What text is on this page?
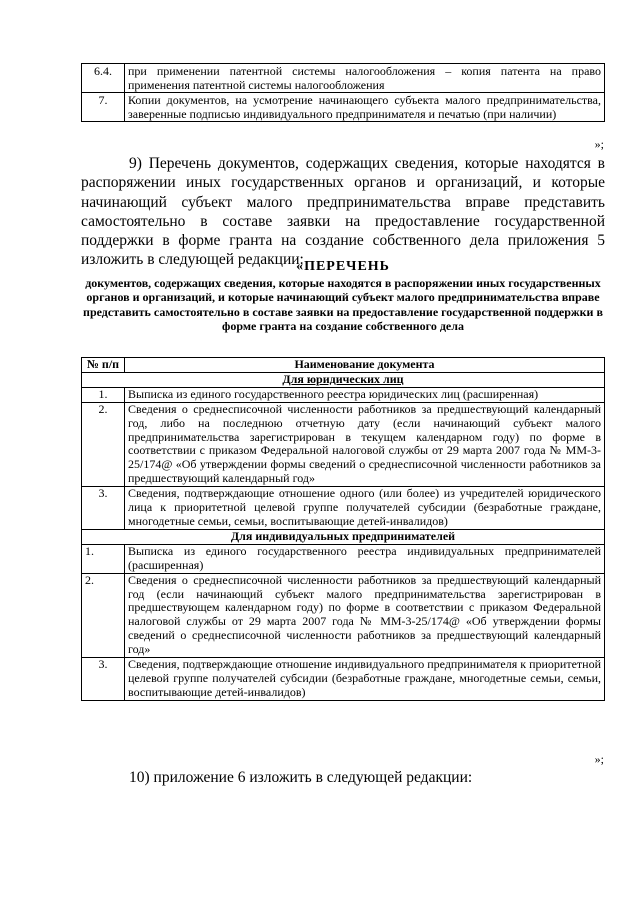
6.4.	при применении патентной системы налогообложения – копия патента на право применения патентной системы налогообложения
7.	Копии документов, на усмотрение начинающего субъекта малого предпринимательства, заверенные подписью индивидуального предпринимателя и печатью (при наличии)
»;

9) Перечень документов, содержащих сведения, которые находятся в распоряжении иных государственных органов и организаций, и которые начинающий субъект малого предпринимательства вправе представить самостоятельно в составе заявки на предоставление государственной поддержки в форме гранта на создание собственного дела приложения 5 изложить в следующей редакции:

«ПЕРЕЧЕНЬ

документов, содержащих сведения, которые находятся в распоряжении иных государственных органов и организаций, и которые начинающий субъект малого предпринимательства вправе представить самостоятельно в составе заявки на предоставление государственной поддержки в форме гранта на создание собственного дела

№ п/п	Наименование документа
Для юридических лиц	
1.	Выписка из единого государственного реестра юридических лиц (расширенная)
2.	Сведения о среднесписочной численности работников за предшествующий календарный год, либо на последнюю отчетную дату (если начинающий субъект малого предпринимательства зарегистрирован в текущем календарном году) по форме в соответствии с приказом Федеральной налоговой службы от 29 марта 2007 года № ММ-3-25/174@ «Об утверждении формы сведений о среднесписочной численности работников за предшествующий календарный год»
3.	Сведения, подтверждающие отношение одного (или более) из учредителей юридического лица к приоритетной целевой группе получателей субсидии (безработные граждане, многодетные семьи, семьи, воспитывающие детей-инвалидов)
Для индивидуальных предпринимателей	
1.	Выписка из единого государственного реестра индивидуальных предпринимателей (расширенная)
2.	Сведения о среднесписочной численности работников за предшествующий календарный год (если начинающий субъект малого предпринимательства зарегистрирован в предшествующем календарном году) по форме в соответствии с приказом Федеральной налоговой службы от 29 марта 2007 года № ММ-3-25/174@ «Об утверждении формы сведений о среднесписочной численности работников за предшествующий календарный год»
3.	Сведения, подтверждающие отношение индивидуального предпринимателя к приоритетной целевой группе получателей субсидии (безработные граждане, многодетные семьи, семьи, воспитывающие детей-инвалидов)
»;

10) приложение 6 изложить в следующей редакции:
